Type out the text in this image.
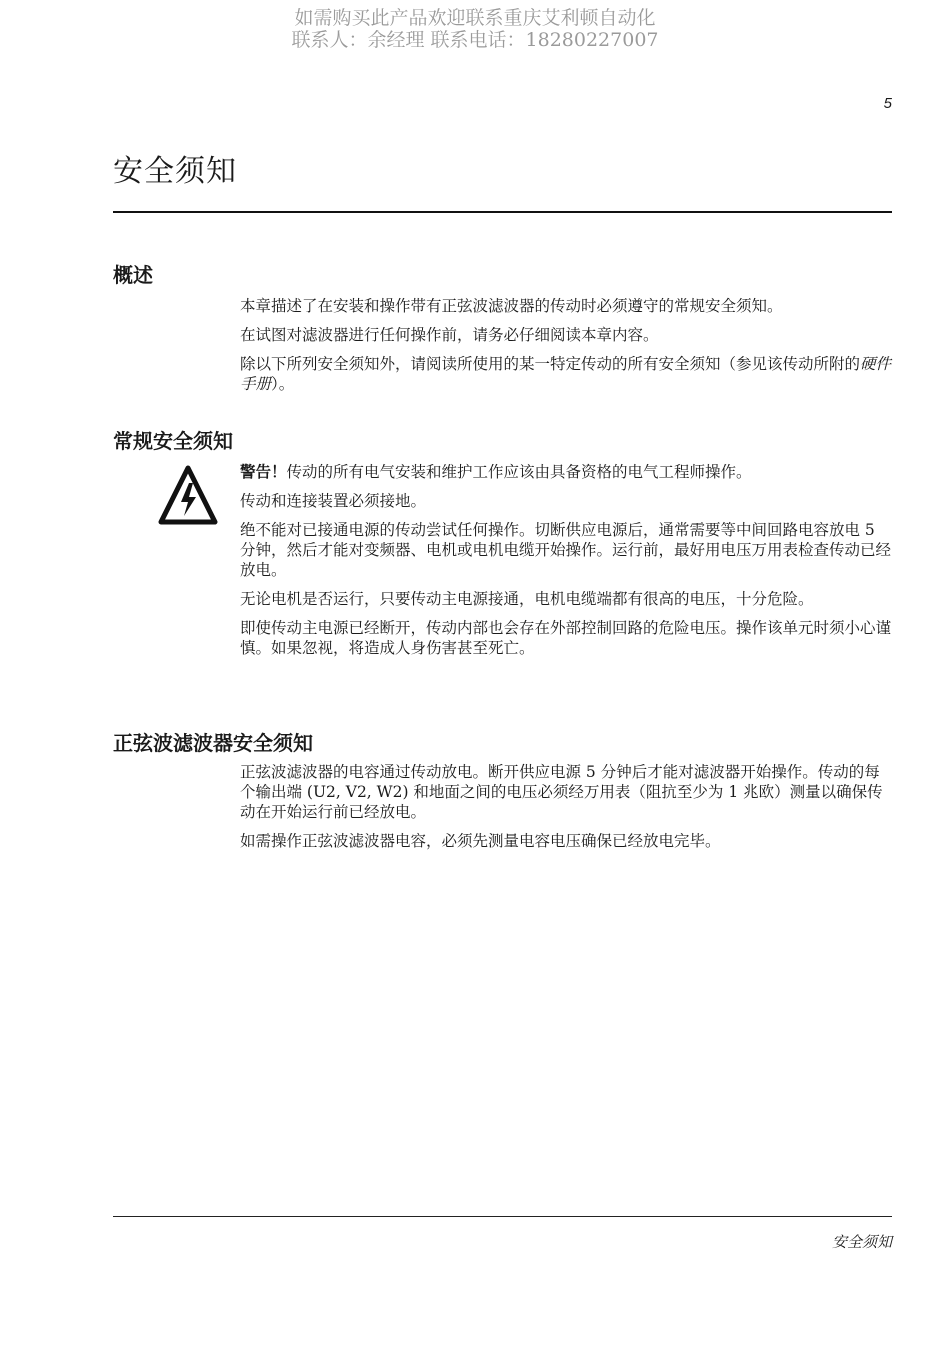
如需购买此产品欢迎联系重庆艾利顿自动化
联系人：余经理 联系电话：18280227007
5
安全须知
概述

本章描述了在安装和操作带有正弦波滤波器的传动时必须遵守的常规安全须知。

在试图对滤波器进行任何操作前，请务必仔细阅读本章内容。

除以下所列安全须知外，请阅读所使用的某一特定传动的所有安全须知（参见该传动所附的硬件手册）。

常规安全须知

警告！传动的所有电气安装和维护工作应该由具备资格的电气工程师操作。

传动和连接装置必须接地。

绝不能对已接通电源的传动尝试任何操作。切断供应电源后，通常需要等中间回路电容放电 5 分钟，然后才能对变频器、电机或电机电缆开始操作。运行前，最好用电压万用表检查传动已经放电。

无论电机是否运行，只要传动主电源接通，电机电缆端都有很高的电压，十分危险。

即使传动主电源已经断开，传动内部也会存在外部控制回路的危险电压。操作该单元时须小心谨慎。如果忽视，将造成人身伤害甚至死亡。

正弦波滤波器安全须知

正弦波滤波器的电容通过传动放电。断开供应电源 5 分钟后才能对滤波器开始操作。传动的每个输出端 (U2, V2, W2) 和地面之间的电压必须经万用表（阻抗至少为 1 兆欧）测量以确保传动在开始运行前已经放电。

如需操作正弦波滤波器电容，必须先测量电容电压确保已经放电完毕。

安全须知
